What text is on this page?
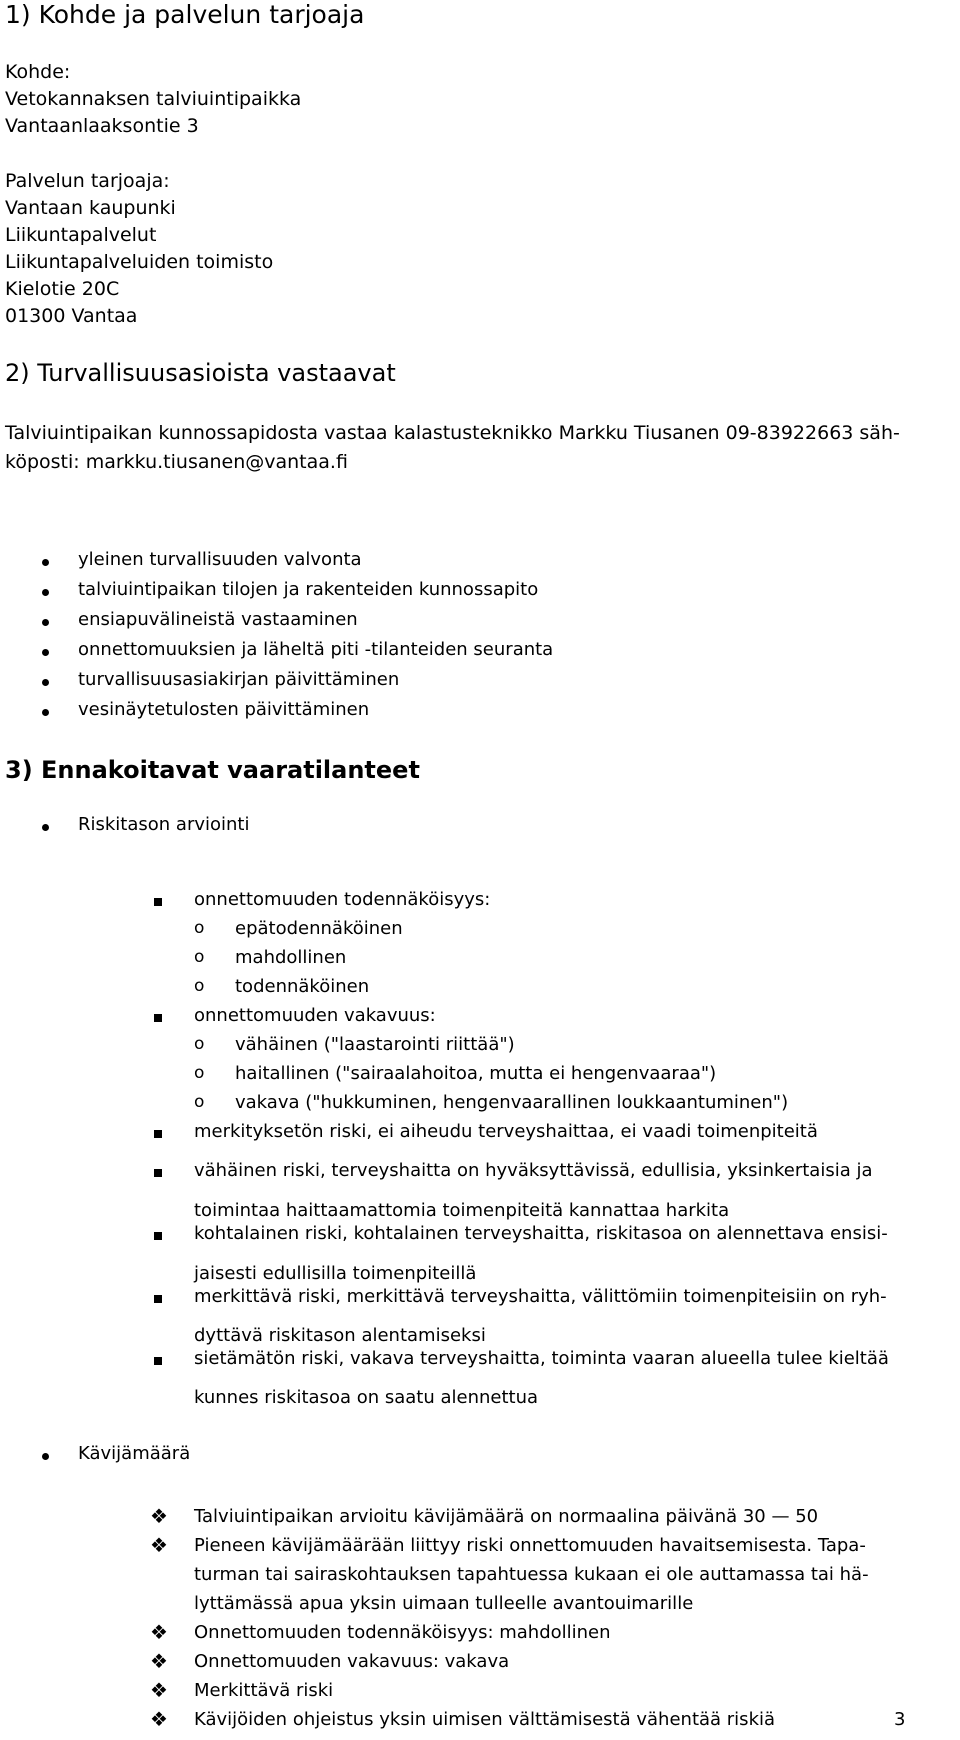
1) Kohde ja palvelun tarjoaja
Kohde:
Vetokannaksen talviuintipaikka
Vantaanlaaksontie 3
Palvelun tarjoaja:
Vantaan kaupunki
Liikuntapalvelut
Liikuntapalveluiden toimisto
Kielotie 20C
01300 Vantaa
2) Turvallisuusasioista vastaavat
Talviuintipaikan kunnossapidosta vastaa kalastusteknikko Markku Tiusanen 09-83922663 säh-
köposti: markku.tiusanen@vantaa.fi
yleinen turvallisuuden valvonta
talviuintipaikan tilojen ja rakenteiden kunnossapito
ensiapuvälineistä vastaaminen
onnettomuuksien ja läheltä piti -tilanteiden seuranta
turvallisuusasiakirjan päivittäminen
vesinäytetulosten päivittäminen
3) Ennakoitavat vaaratilanteet
Riskitason arviointi
onnettomuuden todennäköisyys:
o epätodennäköinen
o mahdollinen
o todennäköinen
onnettomuuden vakavuus:
o vähäinen ("laastarointi riittää")
o haitallinen ("sairaalahoitoa, mutta ei hengenvaaraa")
o vakava ("hukkuminen, hengenvaarallinen loukkaantuminen")
merkityksetön riski, ei aiheudu terveyshaittaa, ei vaadi toimenpiteitä
vähäinen riski, terveyshaitta on hyväksyttävissä, edullisia, yksinkertaisia ja
toimintaa haittaamattomia toimenpiteitä kannattaa harkita
kohtalainen riski, kohtalainen terveyshaitta, riskitasoa on alennettava ensisi-
jaisesti edullisilla toimenpiteillä
merkittävä riski, merkittävä terveyshaitta, välittömiin toimenpiteisiin on ryh-
dyttävä riskitason alentamiseksi
sietämätön riski, vakava terveyshaitta, toiminta vaaran alueella tulee kieltää
kunnes riskitasoa on saatu alennettua
Kävijämäärä
❖ Talviuintipaikan arvioitu kävijämäärä on normaalina päivänä 30 — 50
❖ Pieneen kävijämäärään liittyy riski onnettomuuden havaitsemisesta. Tapa-
turman tai sairaskohtauksen tapahtuessa kukaan ei ole auttamassa tai hä-
lyttämässä apua yksin uimaan tulleelle avantouimarille
❖ Onnettomuuden todennäköisyys: mahdollinen
❖ Onnettomuuden vakavuus: vakava
❖ Merkittävä riski
❖ Kävijöiden ohjeistus yksin uimisen välttämisestä vähentää riskiä	3
